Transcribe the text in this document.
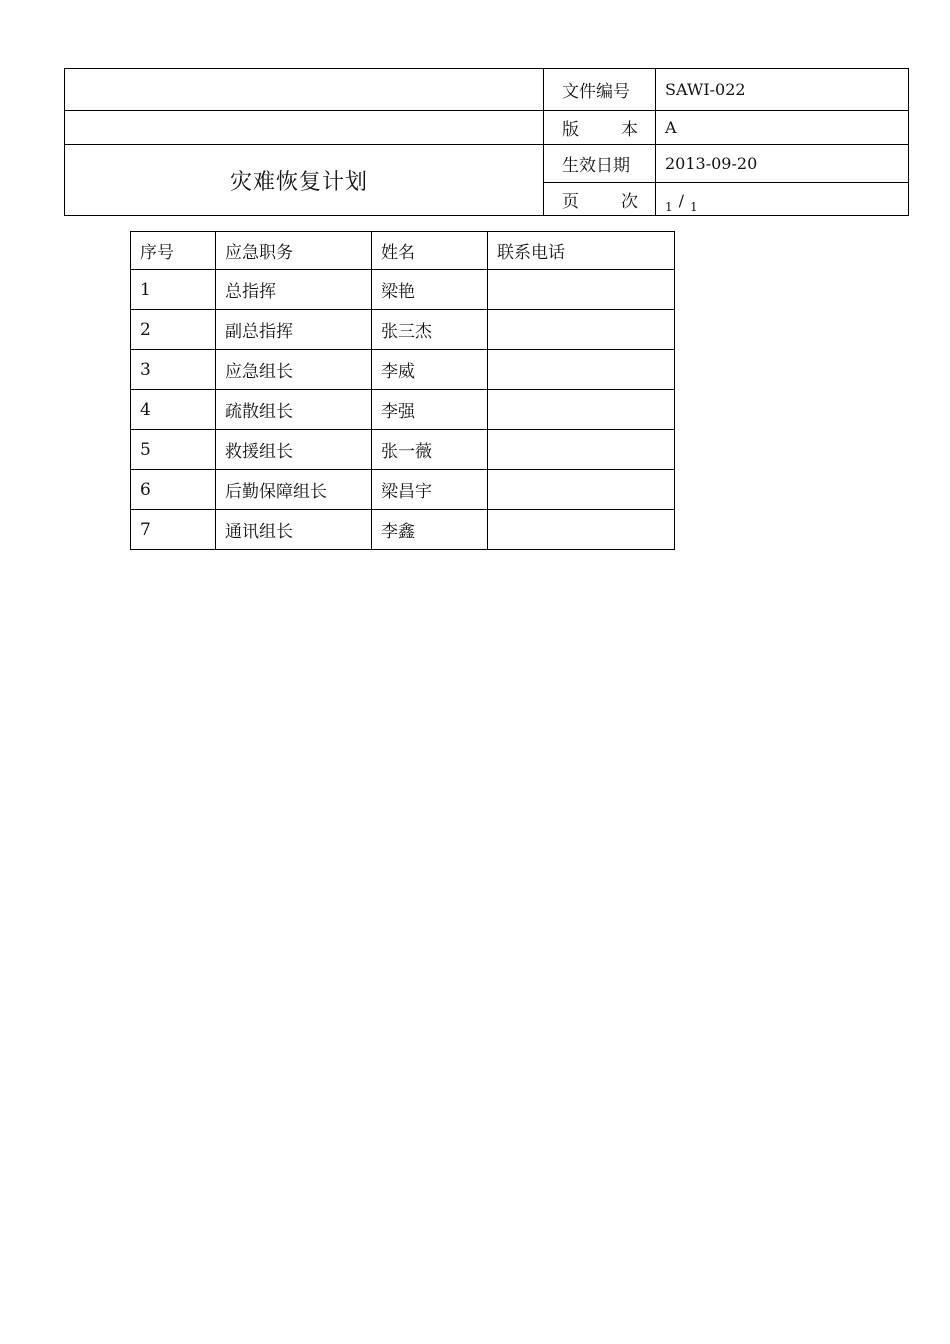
	文件编号	SAWI-022

	版 本	A

灾难恢复计划	生效日期	2013-09-20

	页 次	$_{1 / 1}$
序号	应急职务	姓名	联系电话
1	总指挥	梁艳	
2	副总指挥	张三杰	
3	应急组长	李威	
4	疏散组长	李强	
5	救援组长	张一薇	
6	后勤保障组长	梁昌宇	
7	通讯组长	李鑫	
